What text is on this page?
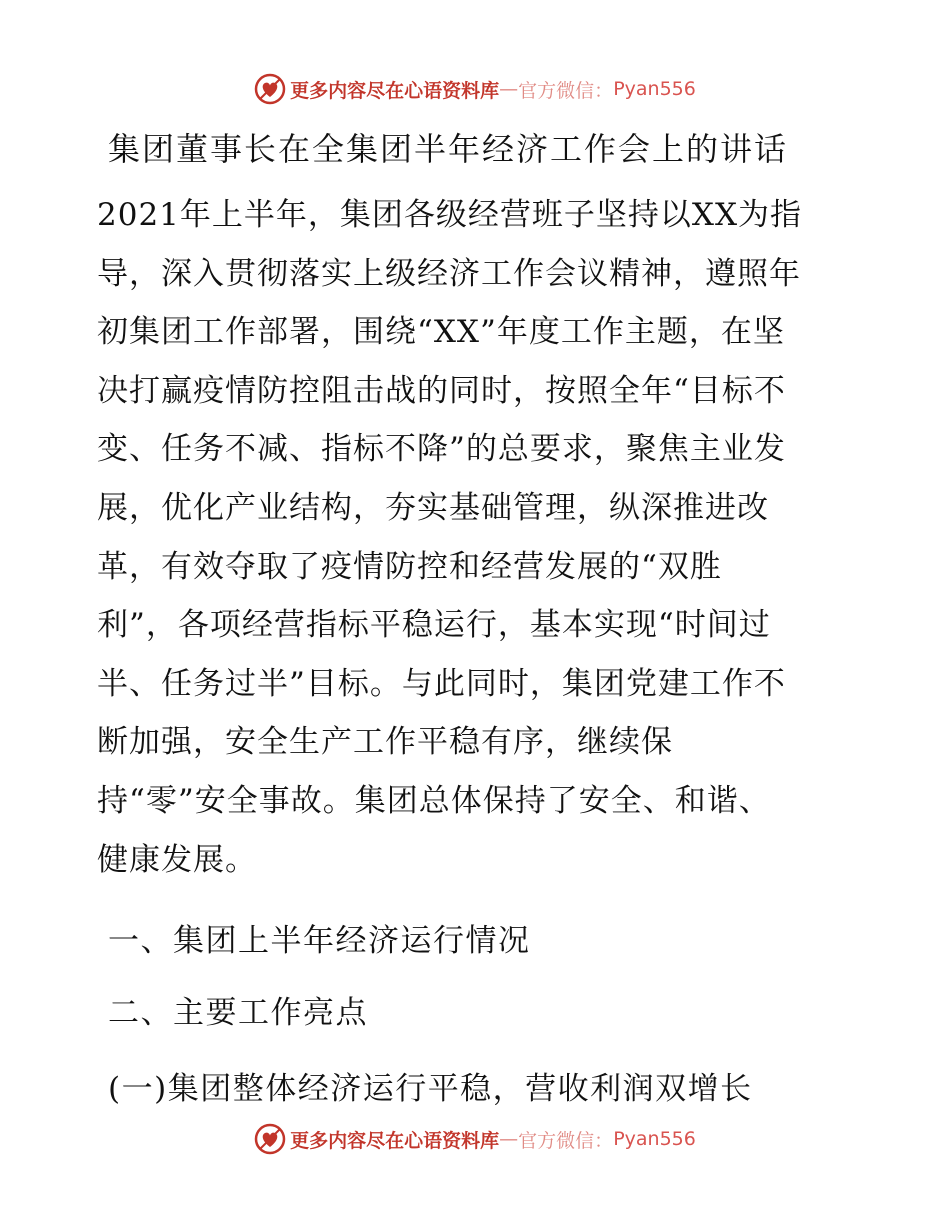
更多内容尽在心语资料库 — 官方微信： Pyan556
集团董事长在全集团半年经济工作会上的讲话
2021年上半年，集团各级经营班子坚持以XX为指
导，深入贯彻落实上级经济工作会议精神，遵照年
初集团工作部署，围绕“XX”年度工作主题，在坚
决打赢疫情防控阻击战的同时，按照全年“目标不
变、任务不减、指标不降”的总要求，聚焦主业发
展，优化产业结构，夯实基础管理，纵深推进改
革，有效夺取了疫情防控和经营发展的“双胜
利”，各项经营指标平稳运行，基本实现“时间过
半、任务过半”目标。与此同时，集团党建工作不
断加强，安全生产工作平稳有序，继续保
持“零”安全事故。集团总体保持了安全、和谐、
健康发展。
一、集团上半年经济运行情况
二、主要工作亮点
(一)集团整体经济运行平稳，营收利润双增长
更多内容尽在心语资料库 — 官方微信： Pyan556
